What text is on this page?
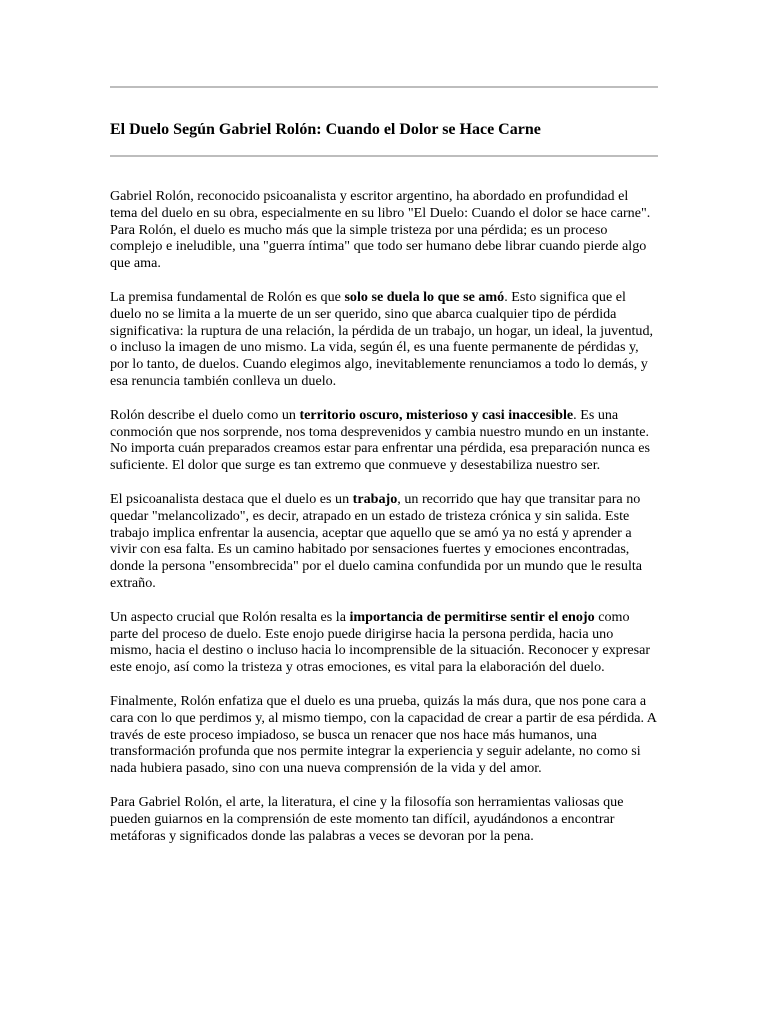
El Duelo Según Gabriel Rolón: Cuando el Dolor se Hace Carne

Gabriel Rolón, reconocido psicoanalista y escritor argentino, ha abordado en profundidad el tema del duelo en su obra, especialmente en su libro "El Duelo: Cuando el dolor se hace carne". Para Rolón, el duelo es mucho más que la simple tristeza por una pérdida; es un proceso complejo e ineludible, una "guerra íntima" que todo ser humano debe librar cuando pierde algo que ama.

La premisa fundamental de Rolón es que solo se duela lo que se amó. Esto significa que el duelo no se limita a la muerte de un ser querido, sino que abarca cualquier tipo de pérdida significativa: la ruptura de una relación, la pérdida de un trabajo, un hogar, un ideal, la juventud, o incluso la imagen de uno mismo. La vida, según él, es una fuente permanente de pérdidas y, por lo tanto, de duelos. Cuando elegimos algo, inevitablemente renunciamos a todo lo demás, y esa renuncia también conlleva un duelo.

Rolón describe el duelo como un territorio oscuro, misterioso y casi inaccesible. Es una conmoción que nos sorprende, nos toma desprevenidos y cambia nuestro mundo en un instante. No importa cuán preparados creamos estar para enfrentar una pérdida, esa preparación nunca es suficiente. El dolor que surge es tan extremo que conmueve y desestabiliza nuestro ser.

El psicoanalista destaca que el duelo es un trabajo, un recorrido que hay que transitar para no quedar "melancolizado", es decir, atrapado en un estado de tristeza crónica y sin salida. Este trabajo implica enfrentar la ausencia, aceptar que aquello que se amó ya no está y aprender a vivir con esa falta. Es un camino habitado por sensaciones fuertes y emociones encontradas, donde la persona "ensombrecida" por el duelo camina confundida por un mundo que le resulta extraño.

Un aspecto crucial que Rolón resalta es la importancia de permitirse sentir el enojo como parte del proceso de duelo. Este enojo puede dirigirse hacia la persona perdida, hacia uno mismo, hacia el destino o incluso hacia lo incomprensible de la situación. Reconocer y expresar este enojo, así como la tristeza y otras emociones, es vital para la elaboración del duelo.

Finalmente, Rolón enfatiza que el duelo es una prueba, quizás la más dura, que nos pone cara a cara con lo que perdimos y, al mismo tiempo, con la capacidad de crear a partir de esa pérdida. A través de este proceso impiadoso, se busca un renacer que nos hace más humanos, una transformación profunda que nos permite integrar la experiencia y seguir adelante, no como si nada hubiera pasado, sino con una nueva comprensión de la vida y del amor.

Para Gabriel Rolón, el arte, la literatura, el cine y la filosofía son herramientas valiosas que pueden guiarnos en la comprensión de este momento tan difícil, ayudándonos a encontrar metáforas y significados donde las palabras a veces se devoran por la pena.
